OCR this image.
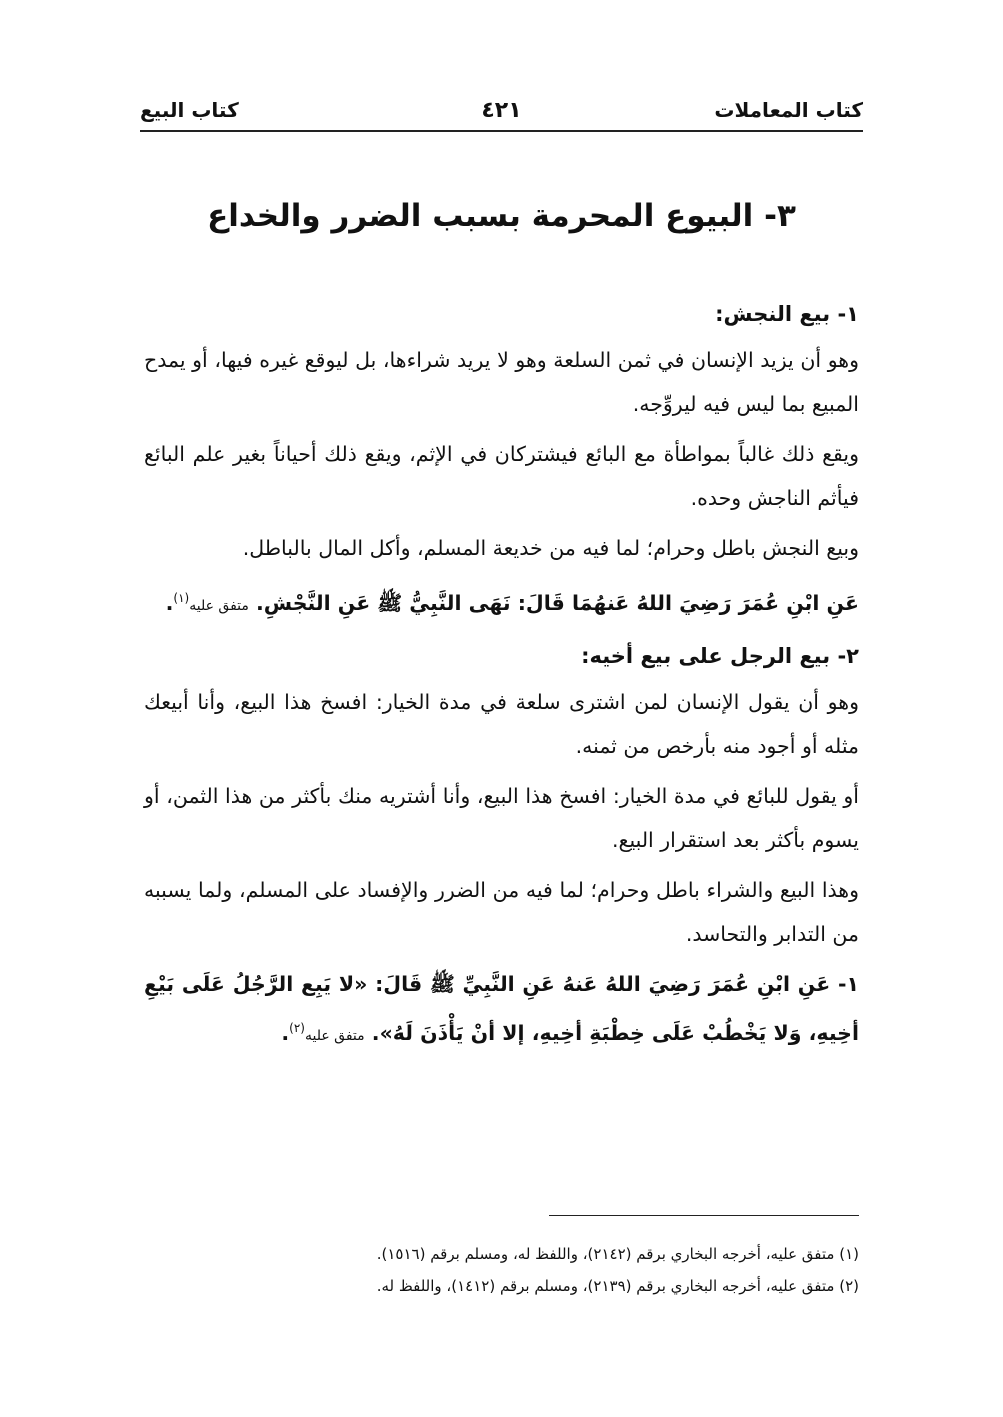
كتاب المعاملات
٤٢١
كتاب البيع
٣- البيوع المحرمة بسبب الضرر والخداع

١- بيع النجش:

وهو أن يزيد الإنسان في ثمن السلعة وهو لا يريد شراءها، بل ليوقع غيره فيها، أو يمدح المبيع بما ليس فيه ليروِّجه.

ويقع ذلك غالباً بمواطأة مع البائع فيشتركان في الإثم، ويقع ذلك أحياناً بغير علم البائع فيأثم الناجش وحده.

وبيع النجش باطل وحرام؛ لما فيه من خديعة المسلم، وأكل المال بالباطل.

عَنِ ابْنِ عُمَرَ رَضِيَ اللهُ عَنهُمَا قَالَ: نَهَى النَّبِيُّ ﷺ عَنِ النَّجْشِ. متفق عليه$^{(١)}$.

٢- بيع الرجل على بيع أخيه:

وهو أن يقول الإنسان لمن اشترى سلعة في مدة الخيار: افسخ هذا البيع، وأنا أبيعك مثله أو أجود منه بأرخص من ثمنه.

أو يقول للبائع في مدة الخيار: افسخ هذا البيع، وأنا أشتريه منك بأكثر من هذا الثمن، أو يسوم بأكثر بعد استقرار البيع.

وهذا البيع والشراء باطل وحرام؛ لما فيه من الضرر والإفساد على المسلم، ولما يسببه من التدابر والتحاسد.

١- عَنِ ابْنِ عُمَرَ رَضِيَ اللهُ عَنهُ عَنِ النَّبِيِّ ﷺ قَالَ: «لا يَبِع الرَّجُلُ عَلَى بَيْعِ أخِيهِ، وَلا يَخْطُبْ عَلَى خِطْبَةِ أخِيهِ، إلا أنْ يَأْذَنَ لَهُ». متفق عليه$^{(٢)}$.

(١) متفق عليه، أخرجه البخاري برقم (٢١٤٢)، واللفظ له، ومسلم برقم (١٥١٦).

(٢) متفق عليه، أخرجه البخاري برقم (٢١٣٩)، ومسلم برقم (١٤١٢)، واللفظ له.
